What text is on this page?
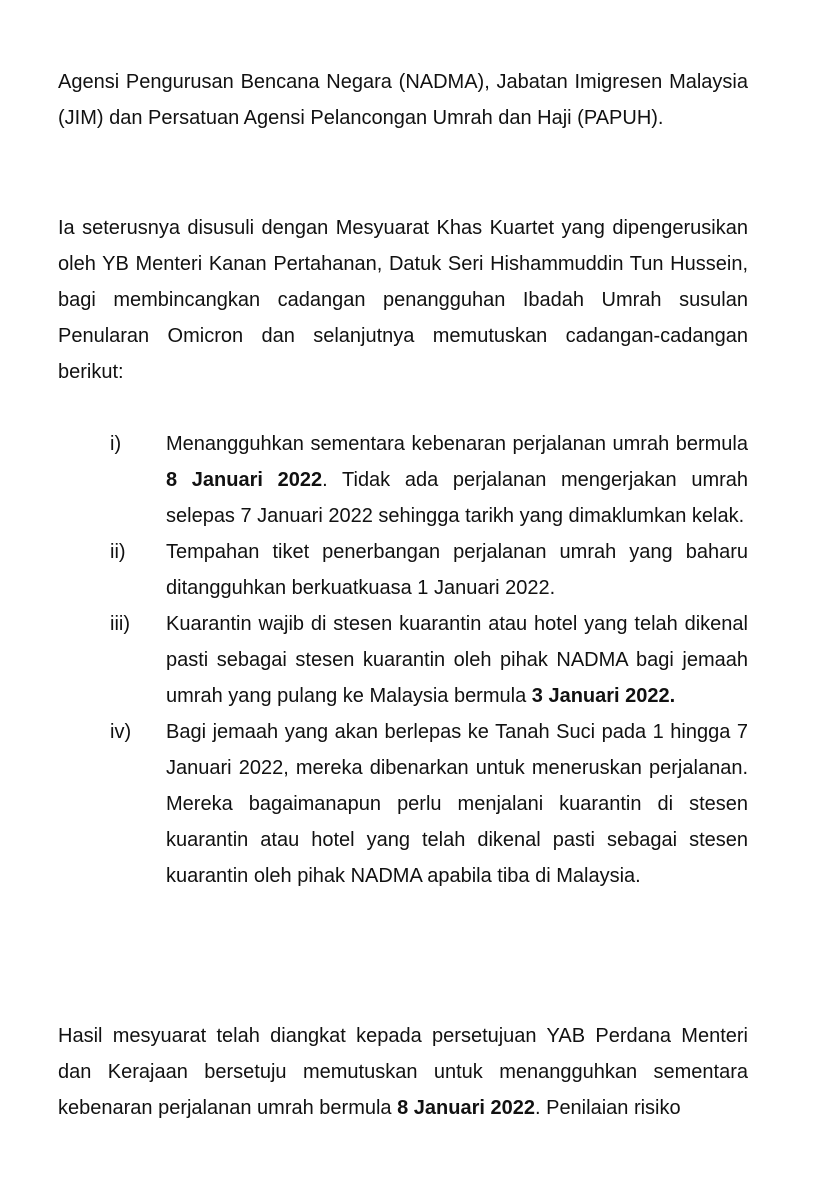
Agensi Pengurusan Bencana Negara (NADMA), Jabatan Imigresen Malaysia (JIM) dan Persatuan Agensi Pelancongan Umrah dan Haji (PAPUH).

Ia seterusnya disusuli dengan Mesyuarat Khas Kuartet yang dipengerusikan oleh YB Menteri Kanan Pertahanan, Datuk Seri Hishammuddin Tun Hussein, bagi membincangkan cadangan penangguhan Ibadah Umrah susulan Penularan Omicron dan selanjutnya memutuskan cadangan-cadangan berikut:

i) Menangguhkan sementara kebenaran perjalanan umrah bermula 8 Januari 2022. Tidak ada perjalanan mengerjakan umrah selepas 7 Januari 2022 sehingga tarikh yang dimaklumkan kelak.
ii) Tempahan tiket penerbangan perjalanan umrah yang baharu ditangguhkan berkuatkuasa 1 Januari 2022.
iii) Kuarantin wajib di stesen kuarantin atau hotel yang telah dikenal pasti sebagai stesen kuarantin oleh pihak NADMA bagi jemaah umrah yang pulang ke Malaysia bermula 3 Januari 2022.
iv) Bagi jemaah yang akan berlepas ke Tanah Suci pada 1 hingga 7 Januari 2022, mereka dibenarkan untuk meneruskan perjalanan. Mereka bagaimanapun perlu menjalani kuarantin di stesen kuarantin atau hotel yang telah dikenal pasti sebagai stesen kuarantin oleh pihak NADMA apabila tiba di Malaysia.

Hasil mesyuarat telah diangkat kepada persetujuan YAB Perdana Menteri dan Kerajaan bersetuju memutuskan untuk menangguhkan sementara kebenaran perjalanan umrah bermula 8 Januari 2022. Penilaian risiko
